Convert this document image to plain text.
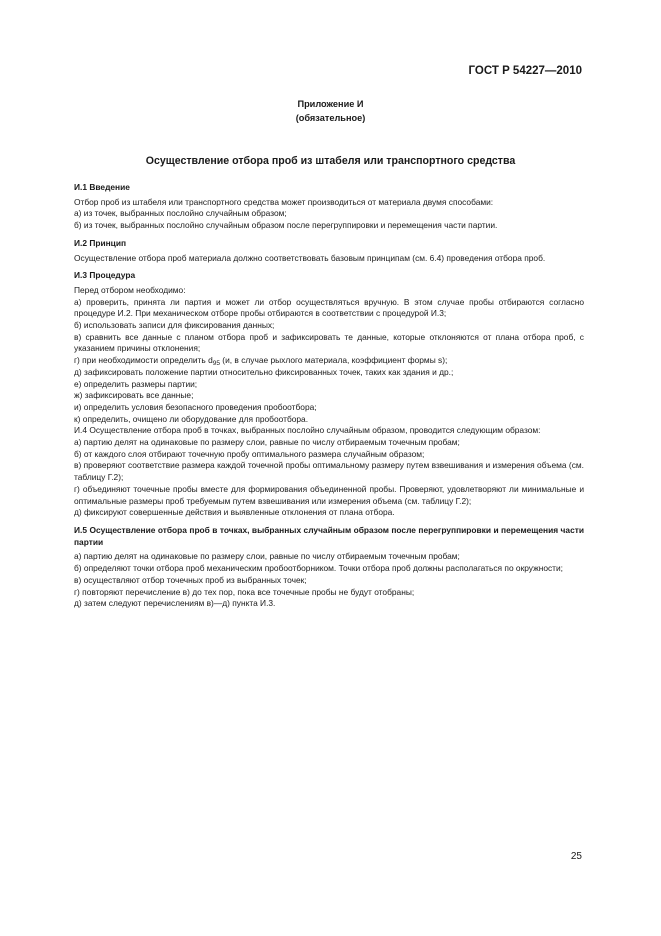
ГОСТ Р 54227—2010
Приложение И
(обязательное)
Осуществление отбора проб из штабеля или транспортного средства

И.1 Введение

Отбор проб из штабеля или транспортного средства может производиться от материала двумя способами:

а) из точек, выбранных послойно случайным образом;

б) из точек, выбранных послойно случайным образом после перегруппировки и перемещения части партии.

И.2 Принцип

Осуществление отбора проб материала должно соответствовать базовым принципам (см. 6.4) проведения отбора проб.

И.3 Процедура

Перед отбором необходимо:

а) проверить, принята ли партия и может ли отбор осуществляться вручную. В этом случае пробы отбираются согласно процедуре И.2. При механическом отборе пробы отбираются в соответствии с процедурой И.3;

б) использовать записи для фиксирования данных;

в) сравнить все данные с планом отбора проб и зафиксировать те данные, которые отклоняются от плана отбора проб, с указанием причины отклонения;

г) при необходимости определить $d_{95}$ (и, в случае рыхлого материала, коэффициент формы s);

д) зафиксировать положение партии относительно фиксированных точек, таких как здания и др.;

е) определить размеры партии;

ж) зафиксировать все данные;

и) определить условия безопасного проведения пробоотбора;

к) определить, очищено ли оборудование для пробоотбора.

И.4 Осуществление отбора проб в точках, выбранных послойно случайным образом, проводится следующим образом:

а) партию делят на одинаковые по размеру слои, равные по числу отбираемым точечным пробам;

б) от каждого слоя отбирают точечную пробу оптимального размера случайным образом;

в) проверяют соответствие размера каждой точечной пробы оптимальному размеру путем взвешивания и измерения объема (см. таблицу Г.2);

г) объединяют точечные пробы вместе для формирования объединенной пробы. Проверяют, удовлетворяют ли минимальные и оптимальные размеры проб требуемым путем взвешивания или измерения объема (см. таблицу Г.2);

д) фиксируют совершенные действия и выявленные отклонения от плана отбора.

И.5 Осуществление отбора проб в точках, выбранных случайным образом после перегруппировки и перемещения части партии

а) партию делят на одинаковые по размеру слои, равные по числу отбираемым точечным пробам;

б) определяют точки отбора проб механическим пробоотборником. Точки отбора проб должны располагаться по окружности;

в) осуществляют отбор точечных проб из выбранных точек;

г) повторяют перечисление в) до тех пор, пока все точечные пробы не будут отобраны;

д) затем следуют перечислениям в)—д) пункта И.3.

25
